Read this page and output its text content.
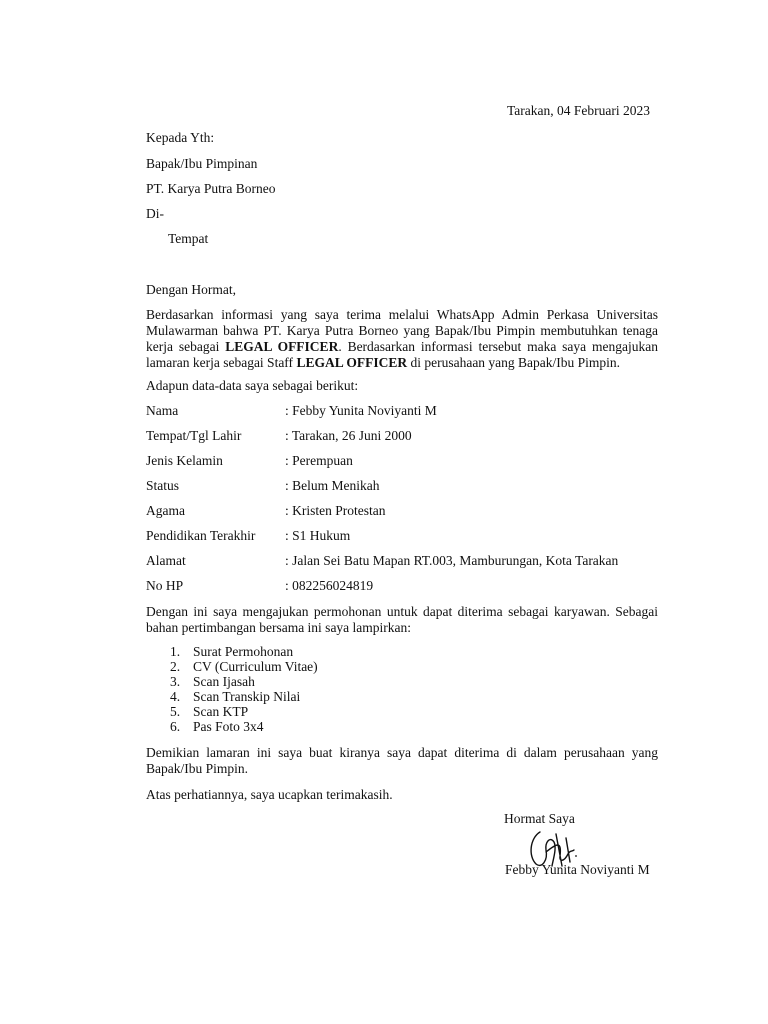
Tarakan, 04 Februari 2023
Kepada Yth:
Bapak/Ibu Pimpinan
PT. Karya Putra Borneo
Di-
Tempat
Dengan Hormat,
Berdasarkan informasi yang saya terima melalui WhatsApp Admin Perkasa Universitas Mulawarman bahwa PT. Karya Putra Borneo yang Bapak/Ibu Pimpin membutuhkan tenaga kerja sebagai LEGAL OFFICER. Berdasarkan informasi tersebut maka saya mengajukan lamaran kerja sebagai Staff LEGAL OFFICER di perusahaan yang Bapak/Ibu Pimpin.
Adapun data-data saya sebagai berikut:
Nama	: Febby Yunita Noviyanti M
Tempat/Tgl Lahir	: Tarakan, 26 Juni 2000
Jenis Kelamin	: Perempuan
Status	: Belum Menikah
Agama	: Kristen Protestan
Pendidikan Terakhir : S1 Hukum
Alamat	: Jalan Sei Batu Mapan RT.003, Mamburungan, Kota Tarakan
No HP	: 082256024819
Dengan ini saya mengajukan permohonan untuk dapat diterima sebagai karyawan. Sebagai bahan pertimbangan bersama ini saya lampirkan:
1. Surat Permohonan
2. CV (Curriculum Vitae)
3. Scan Ijasah
4. Scan Transkip Nilai
5. Scan KTP
6. Pas Foto 3x4
Demikian lamaran ini saya buat kiranya saya dapat diterima di dalam perusahaan yang Bapak/Ibu Pimpin.
Atas perhatiannya, saya ucapkan terimakasih.
Hormat Saya
Febby Yunita Noviyanti M
